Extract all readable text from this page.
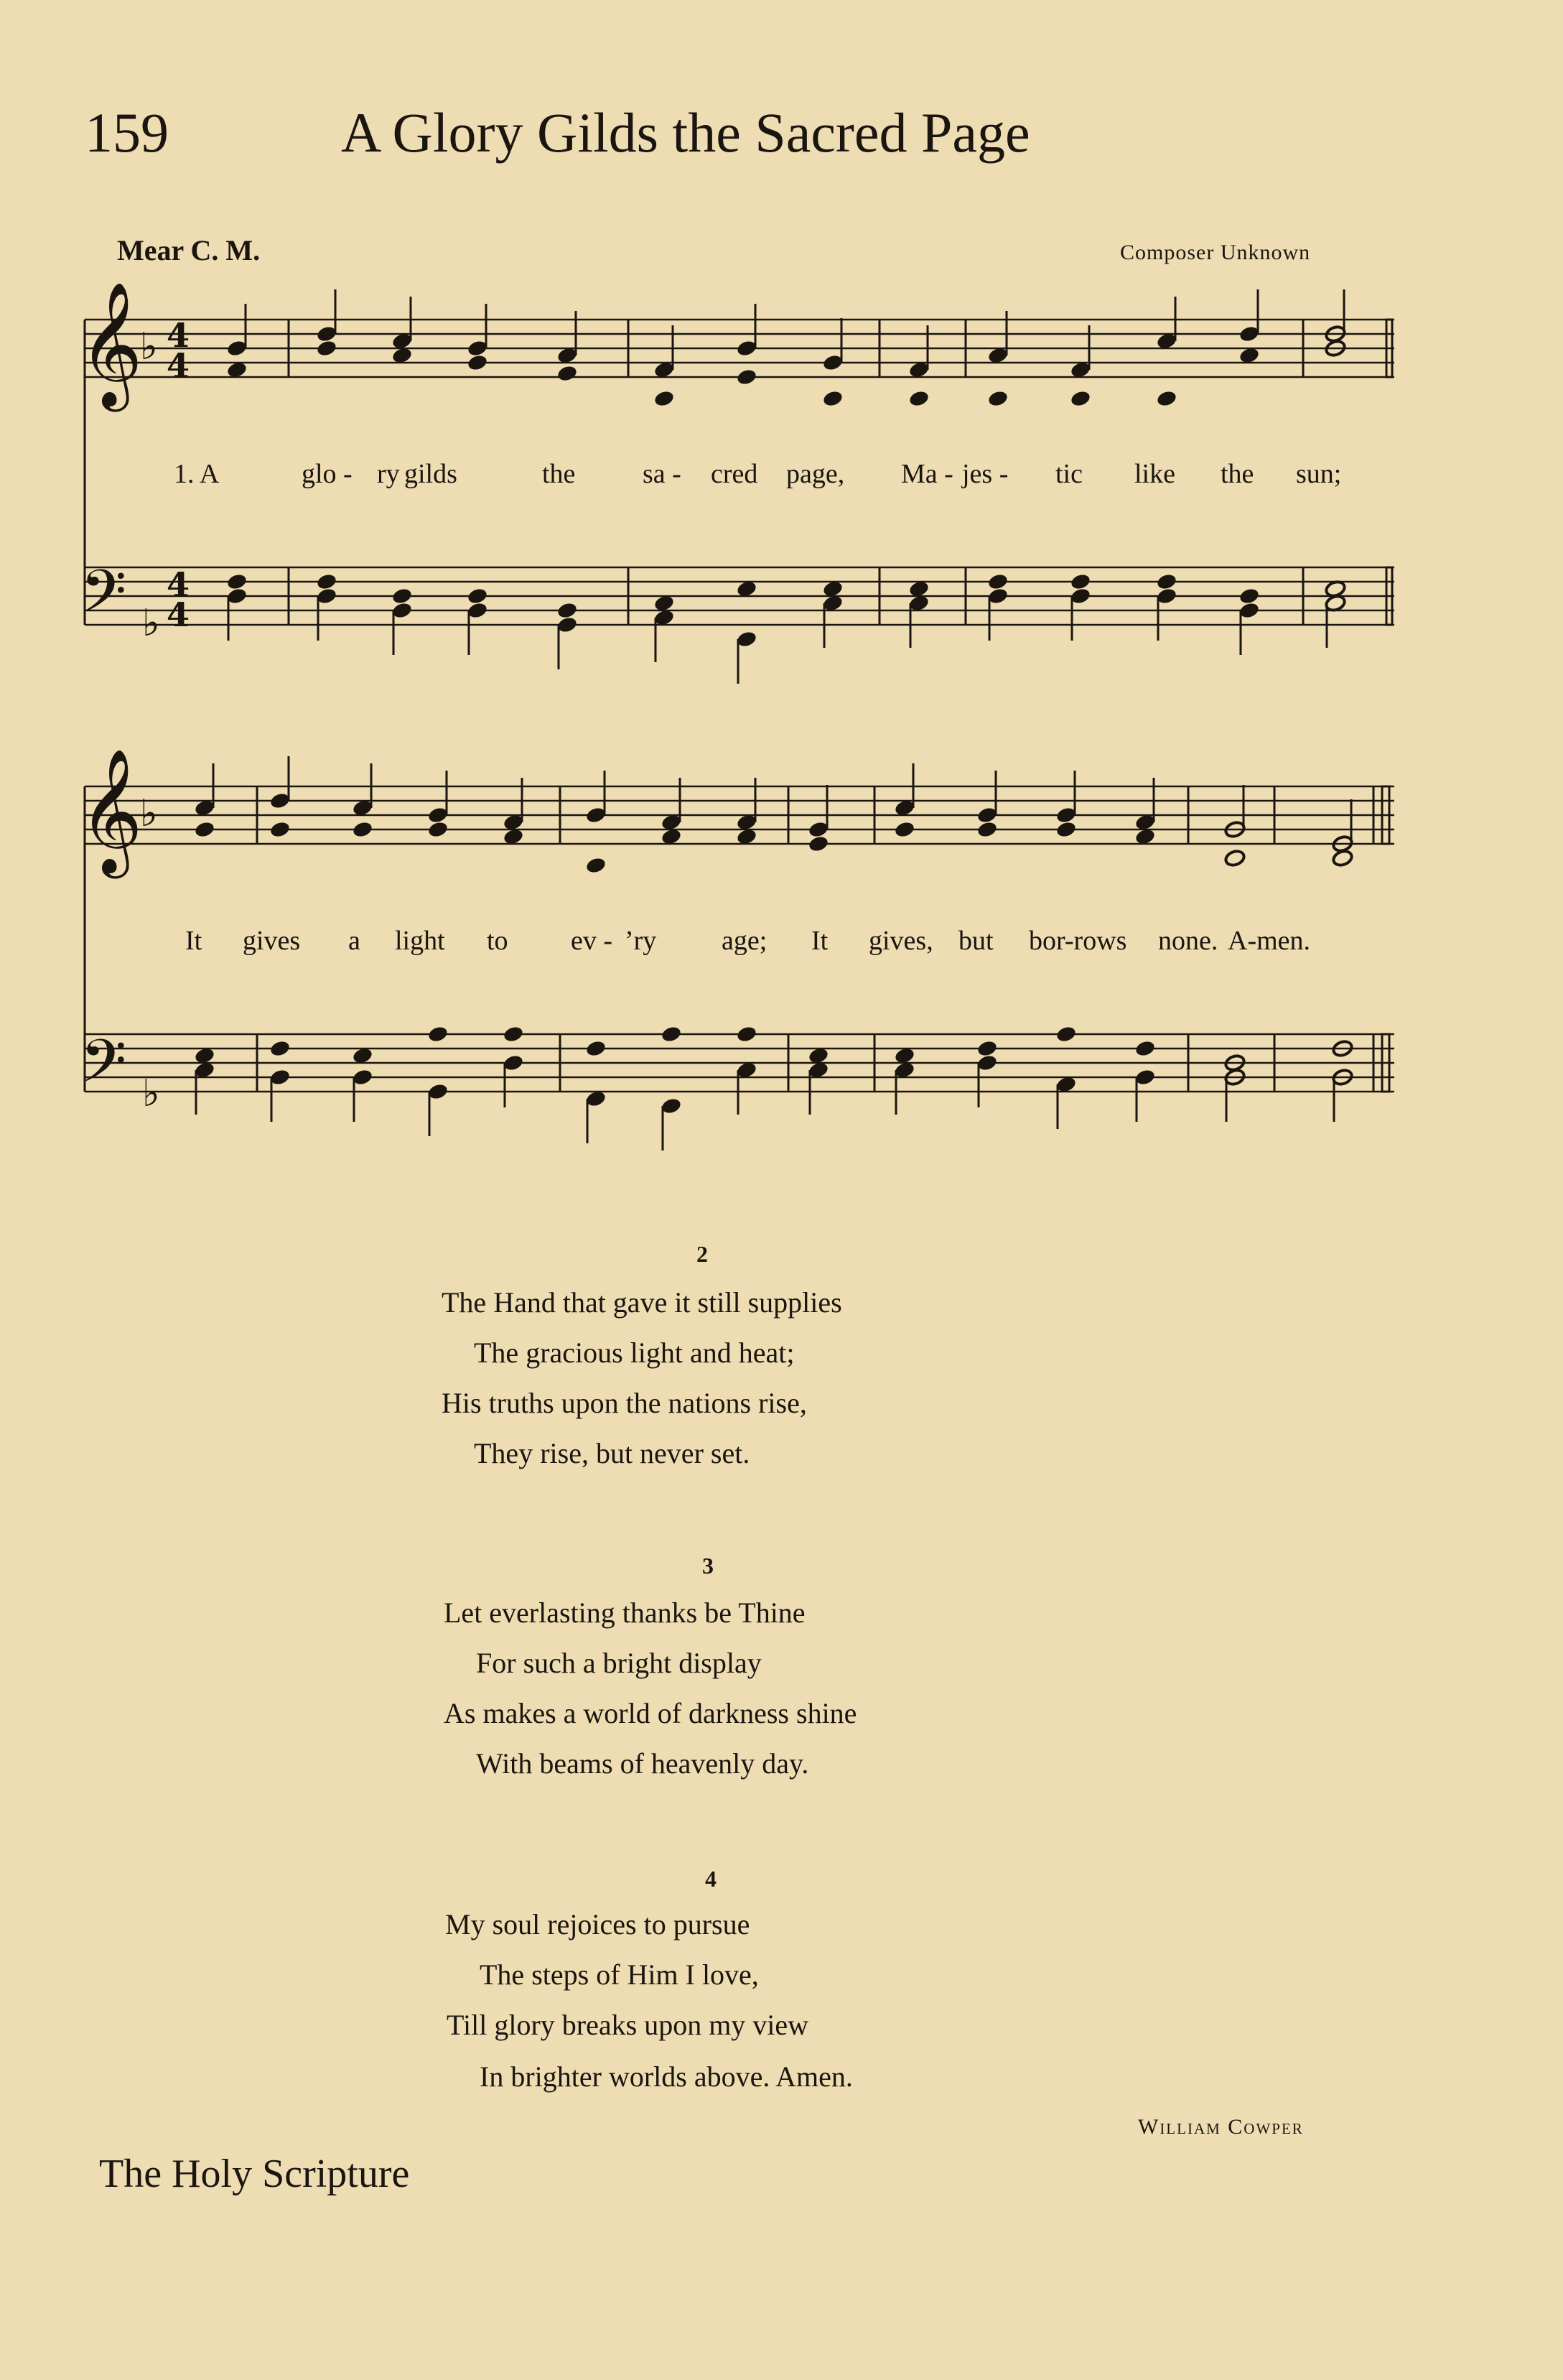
159	A Glory Gilds the Sacred Page
Mear C. M.	Composer Unknown
𝄞
𝄢
𝄞
𝄢
♭
♭
♭
♭
4
4
4
4
1. A	glo - ry gilds	the sa - cred page, Ma - jes - tic like the sun;
It gives a light to ev - ’ry age; It gives, but bor-rows none. A-men.
2
The Hand that gave it still supplies
The gracious light and heat;
His truths upon the nations rise,
They rise, but never set.
3
Let everlasting thanks be Thine
For such a bright display
As makes a world of darkness shine
With beams of heavenly day.
4
My soul rejoices to pursue
The steps of Him I love,
Till glory breaks upon my view
In brighter worlds above. Amen.
William Cowper
The Holy Scripture
